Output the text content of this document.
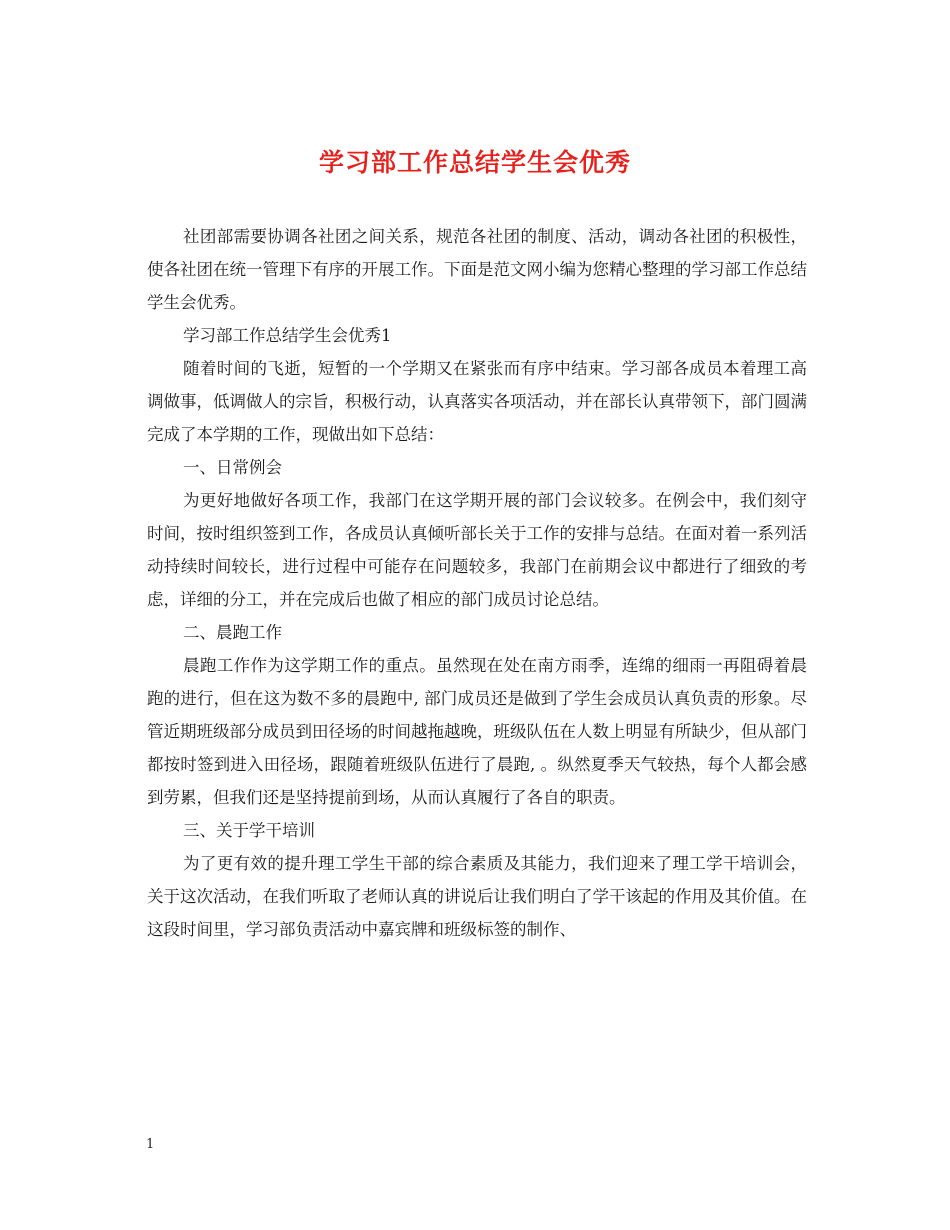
学习部工作总结学生会优秀

社团部需要协调各社团之间关系，规范各社团的制度、活动，调动各社团的积极性，使各社团在统一管理下有序的开展工作。下面是范文网小编为您精心整理的学习部工作总结学生会优秀。

学习部工作总结学生会优秀1

随着时间的飞逝，短暂的一个学期又在紧张而有序中结束。学习部各成员本着理工高调做事，低调做人的宗旨，积极行动，认真落实各项活动，并在部长认真带领下，部门圆满完成了本学期的工作，现做出如下总结：

一、日常例会

为更好地做好各项工作，我部门在这学期开展的部门会议较多。在例会中，我们刻守时间，按时组织签到工作，各成员认真倾听部长关于工作的安排与总结。在面对着一系列活动持续时间较长，进行过程中可能存在问题较多，我部门在前期会议中都进行了细致的考虑，详细的分工，并在完成后也做了相应的部门成员讨论总结。

二、晨跑工作

晨跑工作作为这学期工作的重点。虽然现在处在南方雨季，连绵的细雨一再阻碍着晨跑的进行，但在这为数不多的晨跑中, 部门成员还是做到了学生会成员认真负责的形象。尽管近期班级部分成员到田径场的时间越拖越晚，班级队伍在人数上明显有所缺少，但从部门都按时签到进入田径场，跟随着班级队伍进行了晨跑, 。纵然夏季天气较热，每个人都会感到劳累，但我们还是坚持提前到场，从而认真履行了各自的职责。

三、关于学干培训

为了更有效的提升理工学生干部的综合素质及其能力，我们迎来了理工学干培训会，关于这次活动，在我们听取了老师认真的讲说后让我们明白了学干该起的作用及其价值。在这段时间里，学习部负责活动中嘉宾牌和班级标签的制作、

1
